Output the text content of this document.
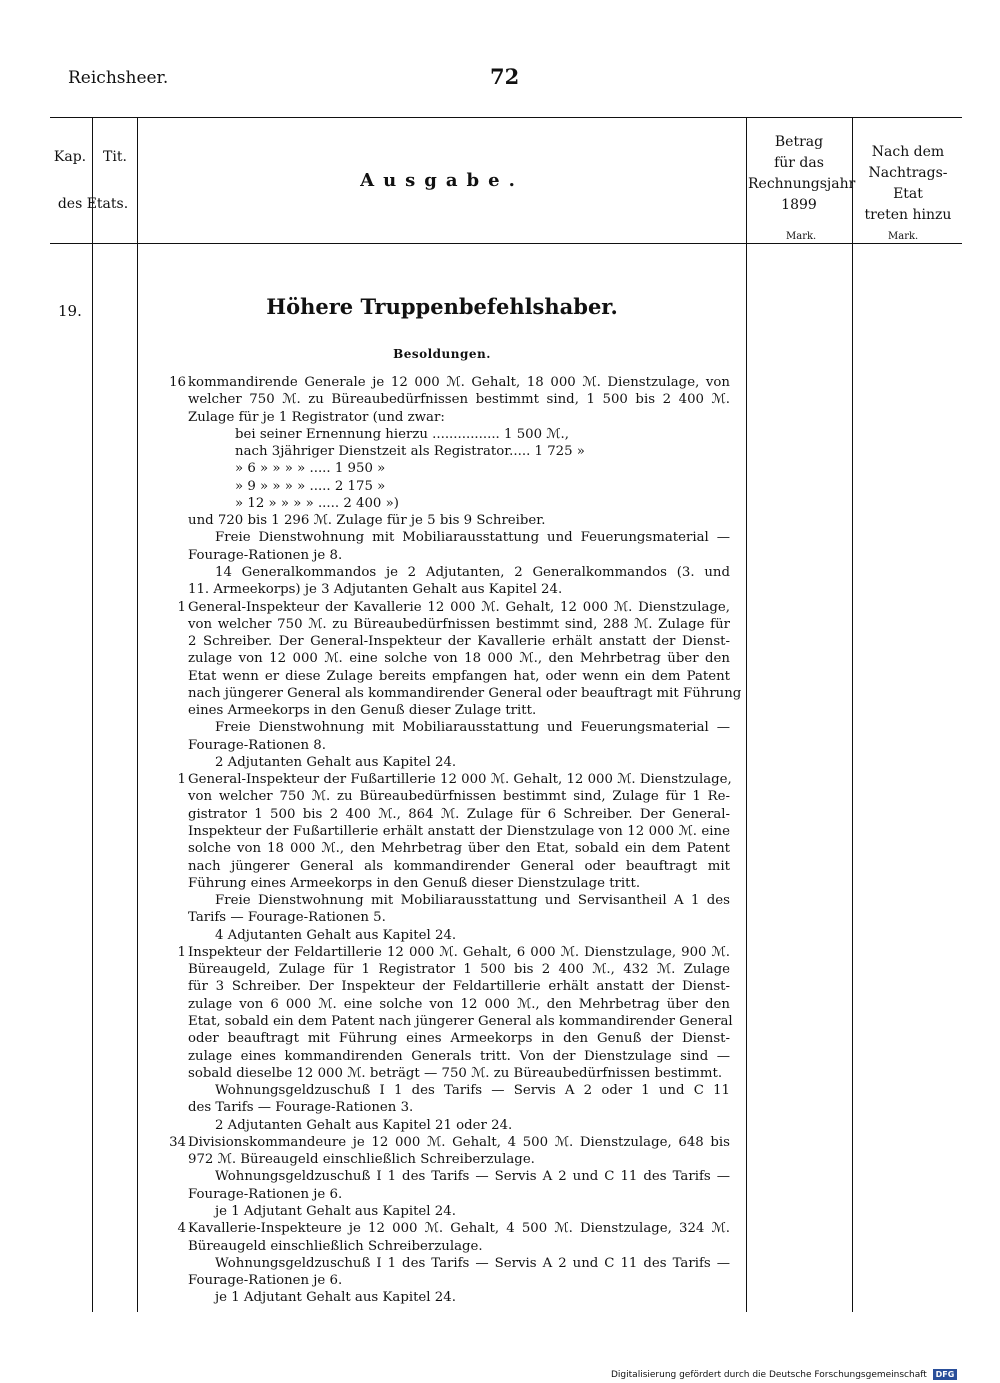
Reichsheer.	72
Kap.	Tit.
des Etats.
Ausgabe.
Betrag
für das
Rechnungsjahr
1899
Mark.
Nach dem
Nachtrags-Etat
treten hinzu
Mark.
19.	Höhere Truppenbefehlshaber.
Besoldungen.
16 kommandirende Generale je 12 000 ℳ. Gehalt, 18 000 ℳ. Dienstzulage, von
welcher 750 ℳ. zu Büreaubedürfnissen bestimmt sind, 1 500 bis 2 400 ℳ.
Zulage für je 1 Registrator (und zwar:
bei seiner Ernennung hierzu ................ 1 500 ℳ.,
nach 3jähriger Dienstzeit als Registrator..... 1 725 »
» 6 » » » » ..... 1 950 »
» 9 » » » » ..... 2 175 »
» 12 » » » » ..... 2 400 »)
und 720 bis 1 296 ℳ. Zulage für je 5 bis 9 Schreiber.
Freie Dienstwohnung mit Mobiliarausstattung und Feuerungsmaterial —
Fourage-Rationen je 8.
14 Generalkommandos je 2 Adjutanten, 2 Generalkommandos (3. und
11. Armeekorps) je 3 Adjutanten Gehalt aus Kapitel 24.
1 General-Inspekteur der Kavallerie 12 000 ℳ. Gehalt, 12 000 ℳ. Dienstzulage,
von welcher 750 ℳ. zu Büreaubedürfnissen bestimmt sind, 288 ℳ. Zulage für
2 Schreiber. Der General-Inspekteur der Kavallerie erhält anstatt der Dienst-
zulage von 12 000 ℳ. eine solche von 18 000 ℳ., den Mehrbetrag über den
Etat wenn er diese Zulage bereits empfangen hat, oder wenn ein dem Patent
nach jüngerer General als kommandirender General oder beauftragt mit Führung
eines Armeekorps in den Genuß dieser Zulage tritt.
Freie Dienstwohnung mit Mobiliarausstattung und Feuerungsmaterial —
Fourage-Rationen 8.
2 Adjutanten Gehalt aus Kapitel 24.
1 General-Inspekteur der Fußartillerie 12 000 ℳ. Gehalt, 12 000 ℳ. Dienstzulage,
von welcher 750 ℳ. zu Büreaubedürfnissen bestimmt sind, Zulage für 1 Re-
gistrator 1 500 bis 2 400 ℳ., 864 ℳ. Zulage für 6 Schreiber. Der General-
Inspekteur der Fußartillerie erhält anstatt der Dienstzulage von 12 000 ℳ. eine
solche von 18 000 ℳ., den Mehrbetrag über den Etat, sobald ein dem Patent
nach jüngerer General als kommandirender General oder beauftragt mit
Führung eines Armeekorps in den Genuß dieser Dienstzulage tritt.
Freie Dienstwohnung mit Mobiliarausstattung und Servisantheil A 1 des
Tarifs — Fourage-Rationen 5.
4 Adjutanten Gehalt aus Kapitel 24.
1 Inspekteur der Feldartillerie 12 000 ℳ. Gehalt, 6 000 ℳ. Dienstzulage, 900 ℳ.
Büreaugeld, Zulage für 1 Registrator 1 500 bis 2 400 ℳ., 432 ℳ. Zulage
für 3 Schreiber. Der Inspekteur der Feldartillerie erhält anstatt der Dienst-
zulage von 6 000 ℳ. eine solche von 12 000 ℳ., den Mehrbetrag über den
Etat, sobald ein dem Patent nach jüngerer General als kommandirender General
oder beauftragt mit Führung eines Armeekorps in den Genuß der Dienst-
zulage eines kommandirenden Generals tritt. Von der Dienstzulage sind —
sobald dieselbe 12 000 ℳ. beträgt — 750 ℳ. zu Büreaubedürfnissen bestimmt.
Wohnungsgeldzuschuß I 1 des Tarifs — Servis A 2 oder 1 und C 11
des Tarifs — Fourage-Rationen 3.
2 Adjutanten Gehalt aus Kapitel 21 oder 24.
34 Divisionskommandeure je 12 000 ℳ. Gehalt, 4 500 ℳ. Dienstzulage, 648 bis
972 ℳ. Büreaugeld einschließlich Schreiberzulage.
Wohnungsgeldzuschuß I 1 des Tarifs — Servis A 2 und C 11 des Tarifs —
Fourage-Rationen je 6.
je 1 Adjutant Gehalt aus Kapitel 24.
4 Kavallerie-Inspekteure je 12 000 ℳ. Gehalt, 4 500 ℳ. Dienstzulage, 324 ℳ.
Büreaugeld einschließlich Schreiberzulage.
Wohnungsgeldzuschuß I 1 des Tarifs — Servis A 2 und C 11 des Tarifs —
Fourage-Rationen je 6.
je 1 Adjutant Gehalt aus Kapitel 24.
Digitalisierung gefördert durch die Deutsche Forschungsgemeinschaft DFG
